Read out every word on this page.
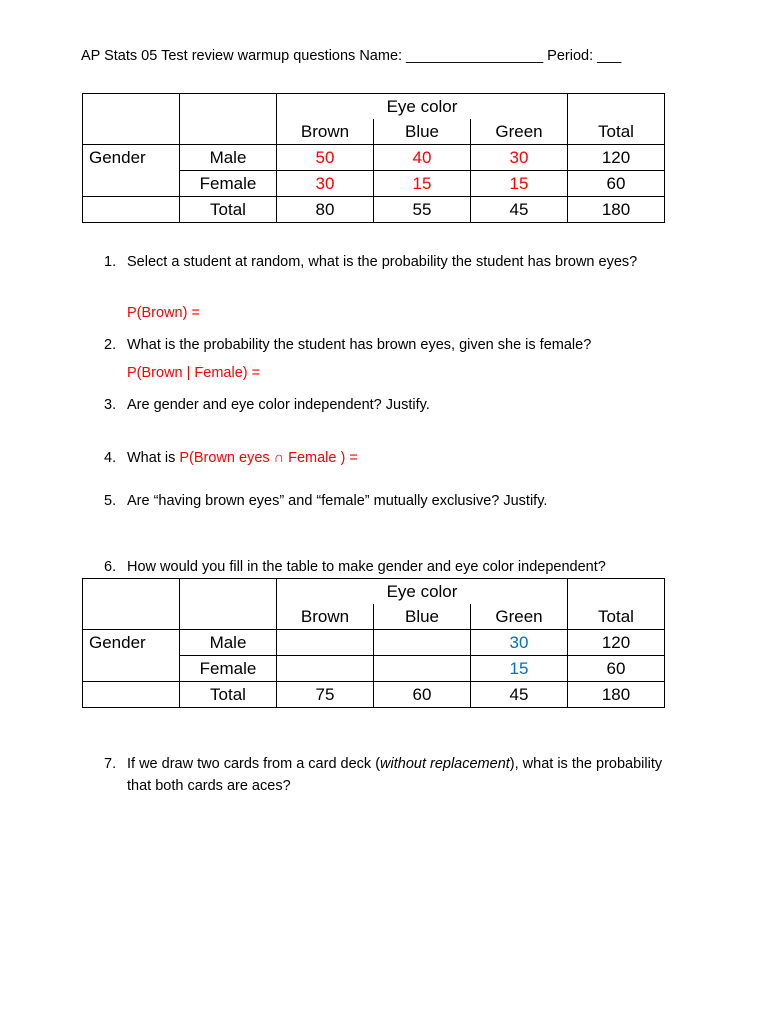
AP Stats 05 Test review warmup questions Name: _________________ Period: ___
		Eye color			
		Brown	Blue	Green	Total
Gender	Male	50	40	30	120
	Female	30	15	15	60
	Total	80	55	45	180
1. Select a student at random, what is the probability the student has brown eyes?
P(Brown) =
2. What is the probability the student has brown eyes, given she is female?
P(Brown | Female) =
3. Are gender and eye color independent? Justify.
4. What is P(Brown eyes ∩ Female ) =
5. Are “having brown eyes” and “female” mutually exclusive? Justify.
6. How would you fill in the table to make gender and eye color independent?
		Eye color			
		Brown	Blue	Green	Total
Gender	Male			30	120
	Female			15	60
	Total	75	60	45	180
7. If we draw two cards from a card deck (without replacement), what is the probability that both cards are aces?
